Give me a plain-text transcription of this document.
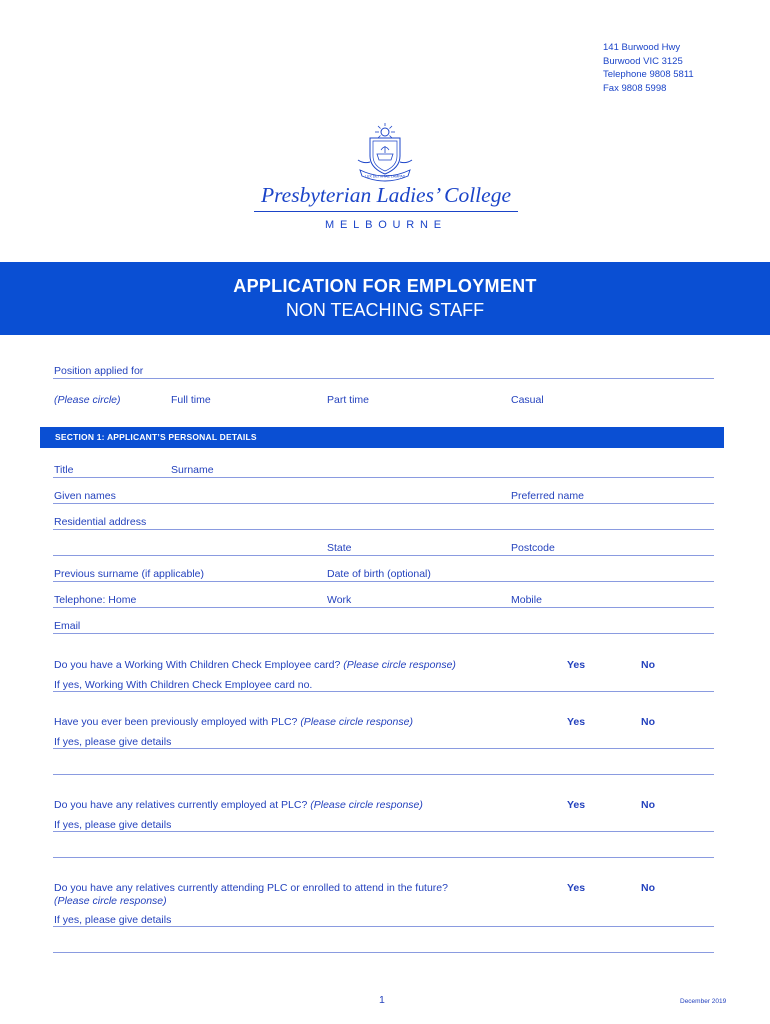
141 Burwood Hwy
Burwood VIC 3125
Telephone 9808 5811
Fax 9808 5998
LUX DEI VITAE LAMPAS
Presbyterian Ladies’ College
MELBOURNE
APPLICATION FOR EMPLOYMENT
NON TEACHING STAFF
Position applied for
(Please circle)	Full time	Part time	Casual
SECTION 1: APPLICANT’S PERSONAL DETAILS
Title	Surname
Given names	Preferred name
Residential address
State	Postcode
Previous surname (if applicable)	Date of birth (optional)
Telephone: Home	Work	Mobile
Email
Do you have a Working With Children Check Employee card? (Please circle response)	Yes	No
If yes, Working With Children Check Employee card no.
Have you ever been previously employed with PLC? (Please circle response)	Yes	No
If yes, please give details
Do you have any relatives currently employed at PLC? (Please circle response)	Yes	No
If yes, please give details
Do you have any relatives currently attending PLC or enrolled to attend in the future?
(Please circle response)
Yes	No
If yes, please give details
1	December 2019
